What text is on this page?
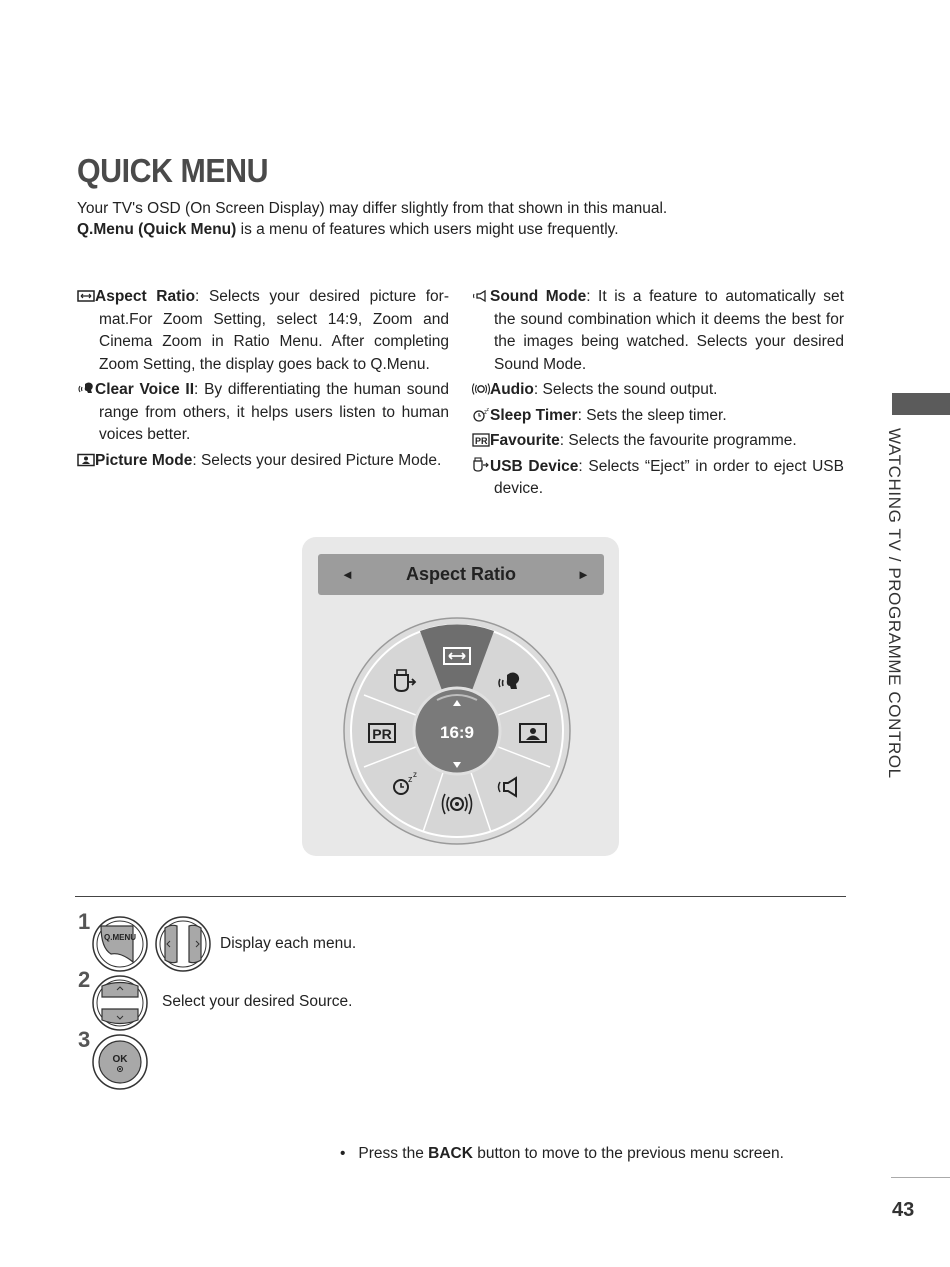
QUICK MENU
Your TV's OSD (On Screen Display) may differ slightly from that shown in this manual.
Q.Menu (Quick Menu) is a menu of features which users might use frequently.
Aspect Ratio: Selects your desired picture for-mat.For Zoom Setting, select 14:9, Zoom and Cinema Zoom in Ratio Menu. After completing Zoom Setting, the display goes back to Q.Menu.
Clear Voice II: By differentiating the human sound range from others, it helps users listen to human voices better.
Picture Mode: Selects your desired Picture Mode.
Sound Mode: It is a feature to automatically set the sound combination which it deems the best for the images being watched. Selects your desired Sound Mode.
Audio: Selects the sound output.
z z Sleep Timer: Sets the sleep timer.
PR Favourite: Selects the favourite programme.
USB Device: Selects “Eject” in order to eject USB device.	WATCHING TV / PROGRAMME CONTROL
Aspect Ratio
◄	►
16:9
z z
PR
1
Q.MENU	Display each menu.
2
Select your desired Source.
3
OK
• Press the BACK button to move to the previous menu screen.
43
